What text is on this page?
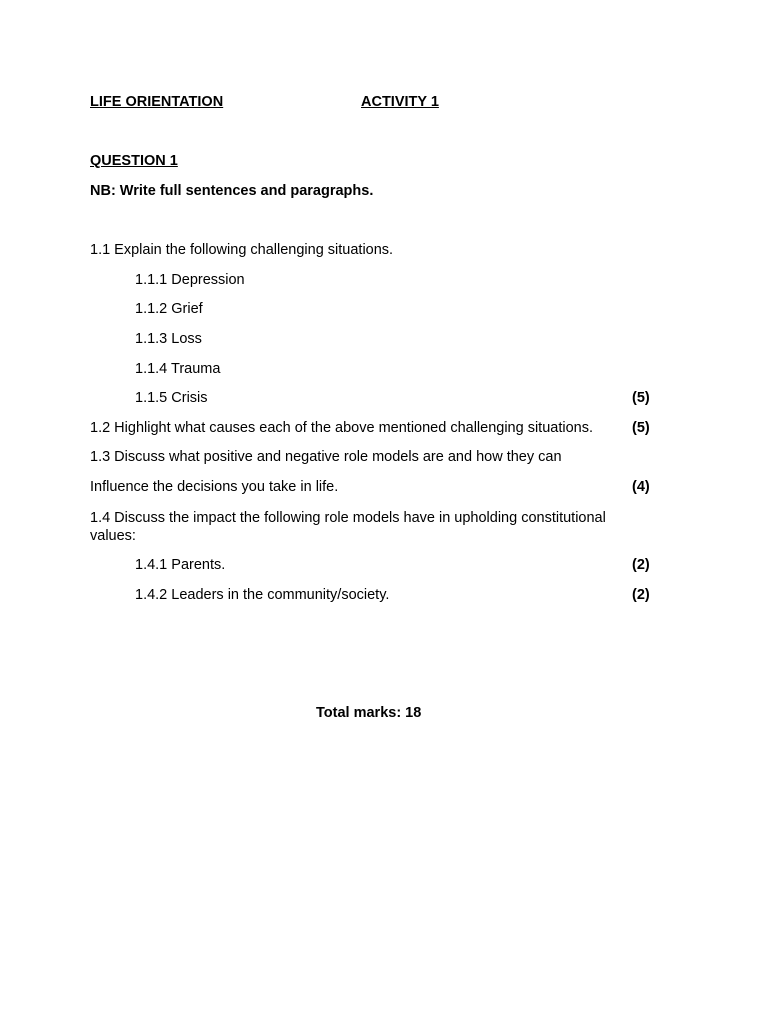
LIFE ORIENTATION	ACTIVITY 1
QUESTION 1
NB: Write full sentences and paragraphs.
1.1 Explain the following challenging situations.
1.1.1 Depression
1.1.2 Grief
1.1.3 Loss
1.1.4 Trauma
1.1.5 Crisis	(5)
1.2 Highlight what causes each of the above mentioned challenging situations.	(5)
1.3 Discuss what positive and negative role models are and how they can
Influence the decisions you take in life.	(4)
1.4 Discuss the impact the following role models have in upholding constitutional values:
1.4.1 Parents.	(2)
1.4.2 Leaders in the community/society.	(2)
Total marks: 18
